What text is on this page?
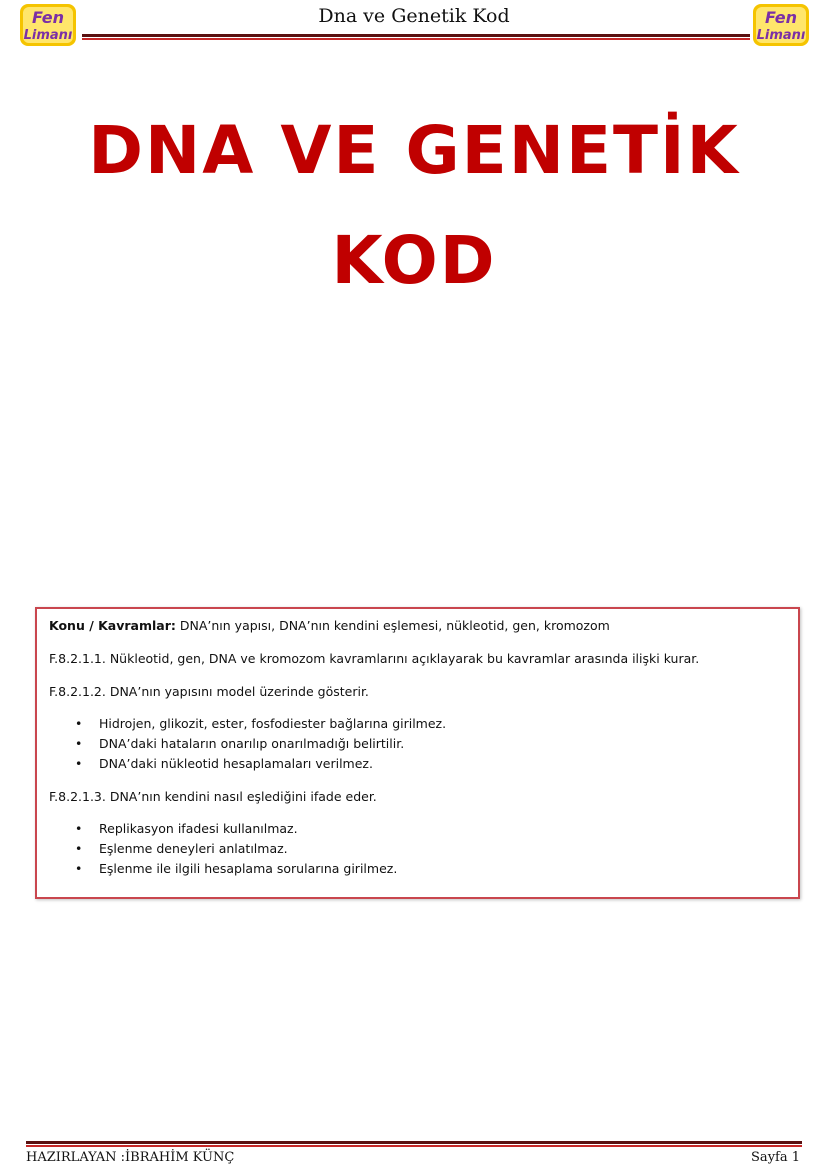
Fen
Limanı
Dna ve Genetik Kod	Fen
Limanı
DNA VE GENETİK
KOD
Konu / Kavramlar: DNA’nın yapısı, DNA’nın kendini eşlemesi, nükleotid, gen, kromozom
F.8.2.1.1. Nükleotid, gen, DNA ve kromozom kavramlarını açıklayarak bu kavramlar arasında ilişki kurar.
F.8.2.1.2. DNA’nın yapısını model üzerinde gösterir.
• Hidrojen, glikozit, ester, fosfodiester bağlarına girilmez.
• DNA’daki hataların onarılıp onarılmadığı belirtilir.
• DNA’daki nükleotid hesaplamaları verilmez.
F.8.2.1.3. DNA’nın kendini nasıl eşlediğini ifade eder.
• Replikasyon ifadesi kullanılmaz.
• Eşlenme deneyleri anlatılmaz.
• Eşlenme ile ilgili hesaplama sorularına girilmez.
HAZIRLAYAN :İBRAHİM KÜNÇ	Sayfa 1
